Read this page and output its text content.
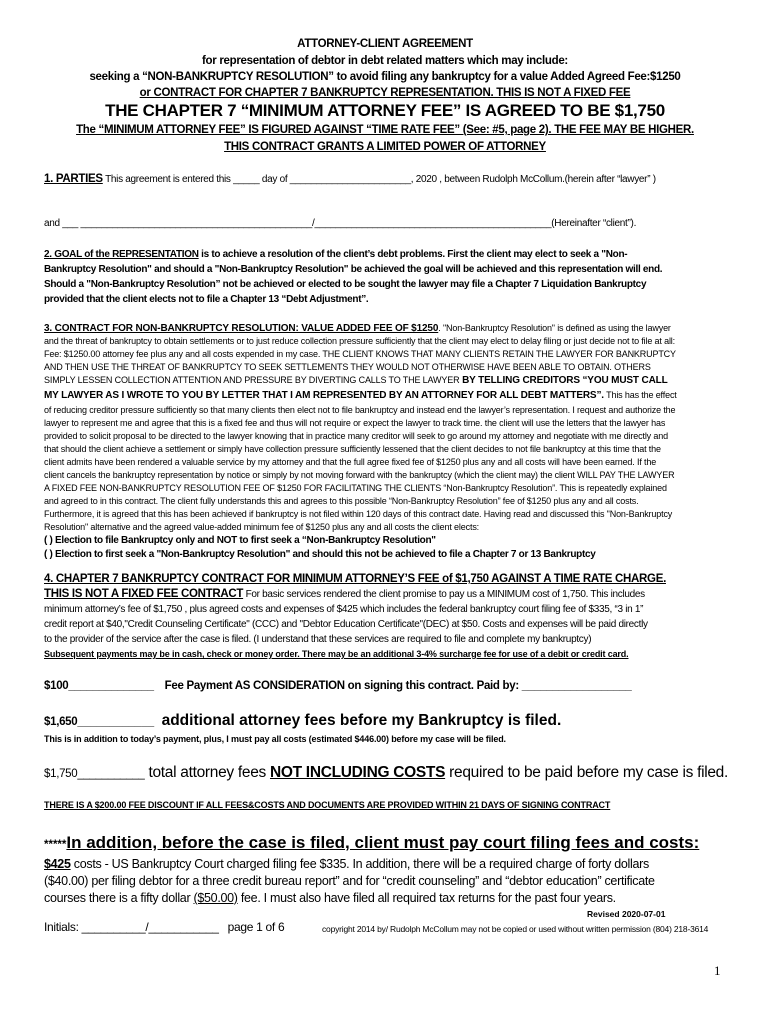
ATTORNEY-CLIENT AGREEMENT
for representation of debtor in debt related matters which may include:
seeking a “NON-BANKRUPTCY RESOLUTION” to avoid filing any bankruptcy for a value Added Agreed Fee:$1250
or CONTRACT FOR CHAPTER 7 BANKRUPTCY REPRESENTATION. THIS IS NOT A FIXED FEE
THE CHAPTER 7 “MINIMUM ATTORNEY FEE” IS AGREED TO BE $1,750
The “MINIMUM ATTORNEY FEE” IS FIGURED AGAINST “TIME RATE FEE” (See: #5, page 2). THE FEE MAY BE HIGHER.
THIS CONTRACT GRANTS A LIMITED POWER OF ATTORNEY
1. PARTIES This agreement is entered this _____ day of _______________________, 2020 , between Rudolph McCollum.(herein after “lawyer” )
and ___ ____________________________________________/_____________________________________________(Hereinafter “client”).
2. GOAL of the REPRESENTATION is to achieve a resolution of the client’s debt problems. First the client may elect to seek a "Non-
Bankruptcy Resolution" and should a "Non-Bankruptcy Resolution" be achieved the goal will be achieved and this representation will end.
Should a "Non-Bankruptcy Resolution” not be achieved or elected to be sought the lawyer may file a Chapter 7 Liquidation Bankruptcy
provided that the client elects not to file a Chapter 13 “Debt Adjustment”.
3. CONTRACT FOR NON-BANKRUPTCY RESOLUTION: VALUE ADDED FEE OF $1250. "Non-Bankruptcy Resolution" is defined as using the lawyer
and the threat of bankruptcy to obtain settlements or to just reduce collection pressure sufficiently that the client may elect to delay filing or just decide not to file at all:
Fee: $1250.00 attorney fee plus any and all costs expended in my case. THE CLIENT KNOWS THAT MANY CLIENTS RETAIN THE LAWYER FOR BANKRUPTCY
AND THEN USE THE THREAT OF BANKRUPTCY TO SEEK SETTLEMENTS THEY WOULD NOT OTHERWISE HAVE BEEN ABLE TO OBTAIN. OTHERS
SIMPLY LESSEN COLLECTION ATTENTION AND PRESSURE BY DIVERTING CALLS TO THE LAWYER BY TELLING CREDITORS “YOU MUST CALL
MY LAWYER AS I WROTE TO YOU BY LETTER THAT I AM REPRESENTED BY AN ATTORNEY FOR ALL DEBT MATTERS”. This has the effect
of reducing creditor pressure sufficiently so that many clients then elect not to file bankruptcy and instead end the lawyer’s representation. I request and authorize the
lawyer to represent me and agree that this is a fixed fee and thus will not require or expect the lawyer to track time. the client will use the letters that the lawyer has
provided to solicit proposal to be directed to the lawyer knowing that in practice many creditor will seek to go around my attorney and negotiate with me directly and
that should the client achieve a settlement or simply have collection pressure sufficiently lessened that the client decides to not file bankruptcy at this time that the
client admits have been rendered a valuable service by my attorney and that the full agree fixed fee of $1250 plus any and all costs will have been earned. If the
client cancels the bankruptcy representation by notice or simply by not moving forward with the bankruptcy (which the client may) the client WILL PAY THE LAWYER
A FIXED FEE NON-BANKRUPTCY RESOLUTION FEE OF $1250 FOR FACILITATING THE CLIENTS “Non-Bankruptcy Resolution”. This is repeatedly explained
and agreed to in this contract. The client fully understands this and agrees to this possible “Non-Bankruptcy Resolution” fee of $1250 plus any and all costs.
Furthermore, it is agreed that this has been achieved if bankruptcy is not filed within 120 days of this contract date. Having read and discussed this "Non-Bankruptcy
Resolution" alternative and the agreed value-added minimum fee of $1250 plus any and all costs the client elects:
( ) Election to file Bankruptcy only and NOT to first seek a “Non-Bankruptcy Resolution"
( ) Election to first seek a "Non-Bankruptcy Resolution" and should this not be achieved to file a Chapter 7 or 13 Bankruptcy
4. CHAPTER 7 BANKRUPTCY CONTRACT FOR MINIMUM ATTORNEY’S FEE of $1,750 AGAINST A TIME RATE CHARGE.
THIS IS NOT A FIXED FEE CONTRACT For basic services rendered the client promise to pay us a MINIMUM cost of 1,750. This includes
minimum attorney’s fee of $1,750 , plus agreed costs and expenses of $425 which includes the federal bankruptcy court filing fee of $335, “3 in 1”
credit report at $40,"Credit Counseling Certificate" (CCC) and "Debtor Education Certificate"(DEC) at $50. Costs and expenses will be paid directly
to the provider of the service after the case is filed. (I understand that these services are required to file and complete my bankruptcy)
Subsequent payments may be in cash, check or money order. There may be an additional 3-4% surcharge fee for use of a debit or credit card.
$100______________ Fee Payment AS CONSIDERATION on signing this contract. Paid by: __________________
$1,650____________ additional attorney fees before my Bankruptcy is filed.
This is in addition to today’s payment, plus, I must pay all costs (estimated $446.00) before my case will be filed.
$1,750___________ total attorney fees NOT INCLUDING COSTS required to be paid before my case is filed.
THERE IS A $200.00 FEE DISCOUNT IF ALL FEES&COSTS AND DOCUMENTS ARE PROVIDED WITHIN 21 DAYS OF SIGNING CONTRACT
*****In addition, before the case is filed, client must pay court filing fees and costs:
$425 costs - US Bankruptcy Court charged filing fee $335. In addition, there will be a required charge of forty dollars
($40.00) per filing debtor for a three credit bureau report” and for “credit counseling” and “debtor education” certificate
courses there is a fifty dollar ($50.00) fee. I must also have filed all required tax returns for the past four years.
Revised 2020-07-01
Initials: __________/___________ page 1 of 6	copyright 2014 by/ Rudolph McCollum may not be copied or used without written permission (804) 218-3614
1
